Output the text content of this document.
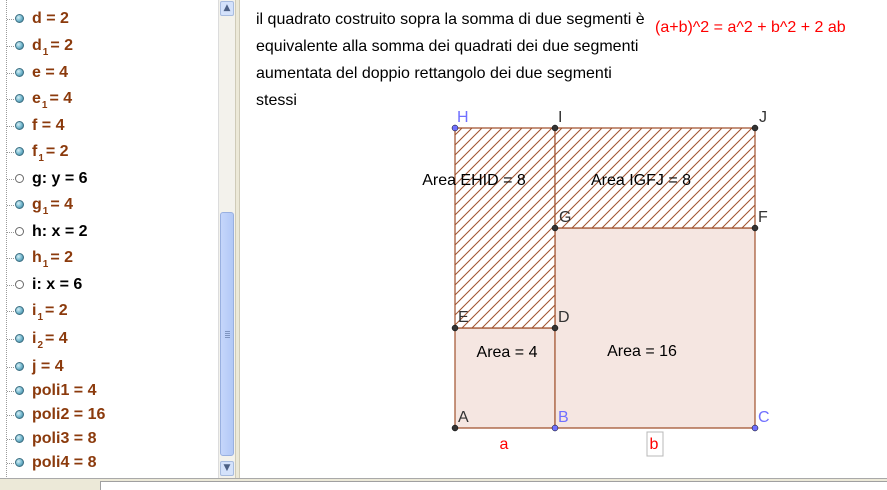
d = 2
$d_1 = 2$
e = 4
$e_1 = 4$
f = 4
$f_1 = 2$
g: y = 6
$g_1 = 4$
h: x = 2
$h_1 = 2$
i: x = 6
$i_1 = 2$
$i_2 = 4$
j = 4
poli1 = 4
poli2 = 16
poli3 = 8
poli4 = 8
▲
▼
il quadrato costruito sopra la somma di due segmenti è equivalente alla somma dei quadrati dei due segmenti aumentata del doppio rettangolo dei due segmenti stessi
(a+b)^2 = a^2 + b^2 + 2 ab
Area = 4	Area = 16
Area EHID = 8	Area IGFJ = 8
A	B	C
D
E
F
G
H	I	J
a	b
